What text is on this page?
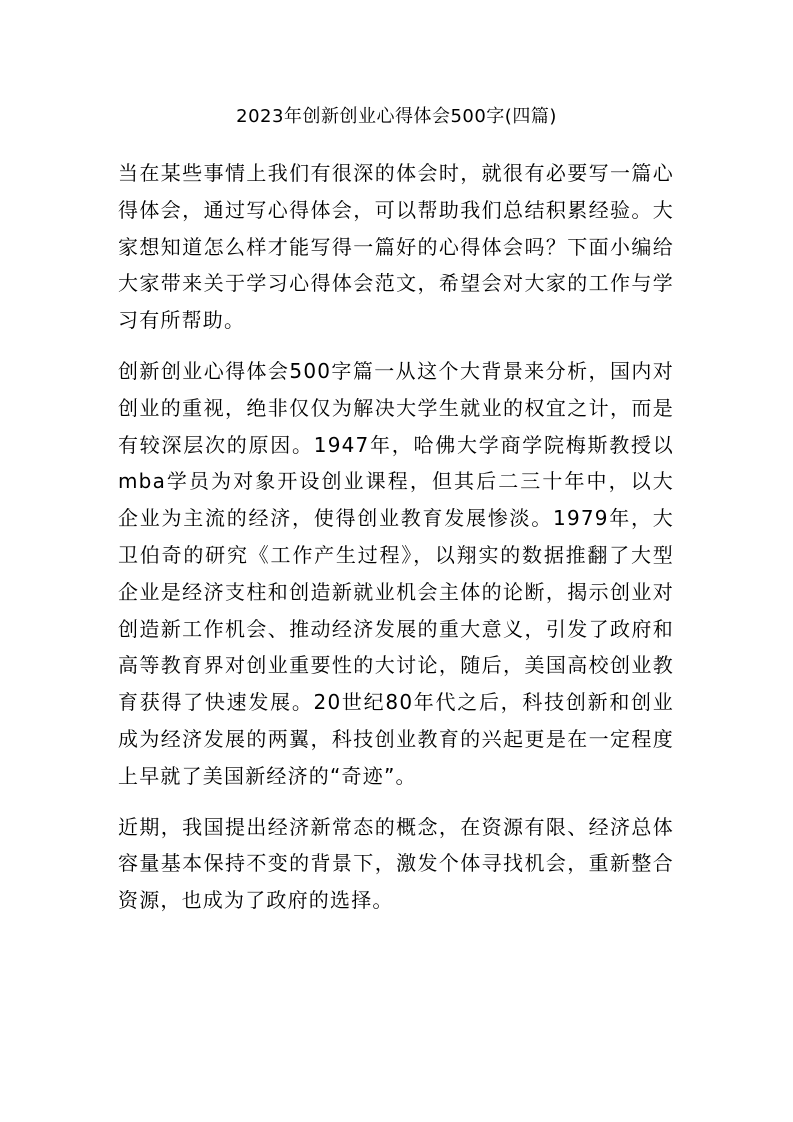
2023年创新创业心得体会500字(四篇)

当在某些事情上我们有很深的体会时，就很有必要写一篇心得体会，通过写心得体会，可以帮助我们总结积累经验。大家想知道怎么样才能写得一篇好的心得体会吗？下面小编给大家带来关于学习心得体会范文，希望会对大家的工作与学习有所帮助。

创新创业心得体会500字篇一从这个大背景来分析，国内对创业的重视，绝非仅仅为解决大学生就业的权宜之计，而是有较深层次的原因。1947年，哈佛大学商学院梅斯教授以mba学员为对象开设创业课程，但其后二三十年中，以大企业为主流的经济，使得创业教育发展惨淡。1979年，大卫伯奇的研究《工作产生过程》，以翔实的数据推翻了大型企业是经济支柱和创造新就业机会主体的论断，揭示创业对创造新工作机会、推动经济发展的重大意义，引发了政府和高等教育界对创业重要性的大讨论，随后，美国高校创业教育获得了快速发展。20世纪80年代之后，科技创新和创业成为经济发展的两翼，科技创业教育的兴起更是在一定程度上早就了美国新经济的“奇迹”。

近期，我国提出经济新常态的概念，在资源有限、经济总体容量基本保持不变的背景下，激发个体寻找机会，重新整合资源，也成为了政府的选择。
